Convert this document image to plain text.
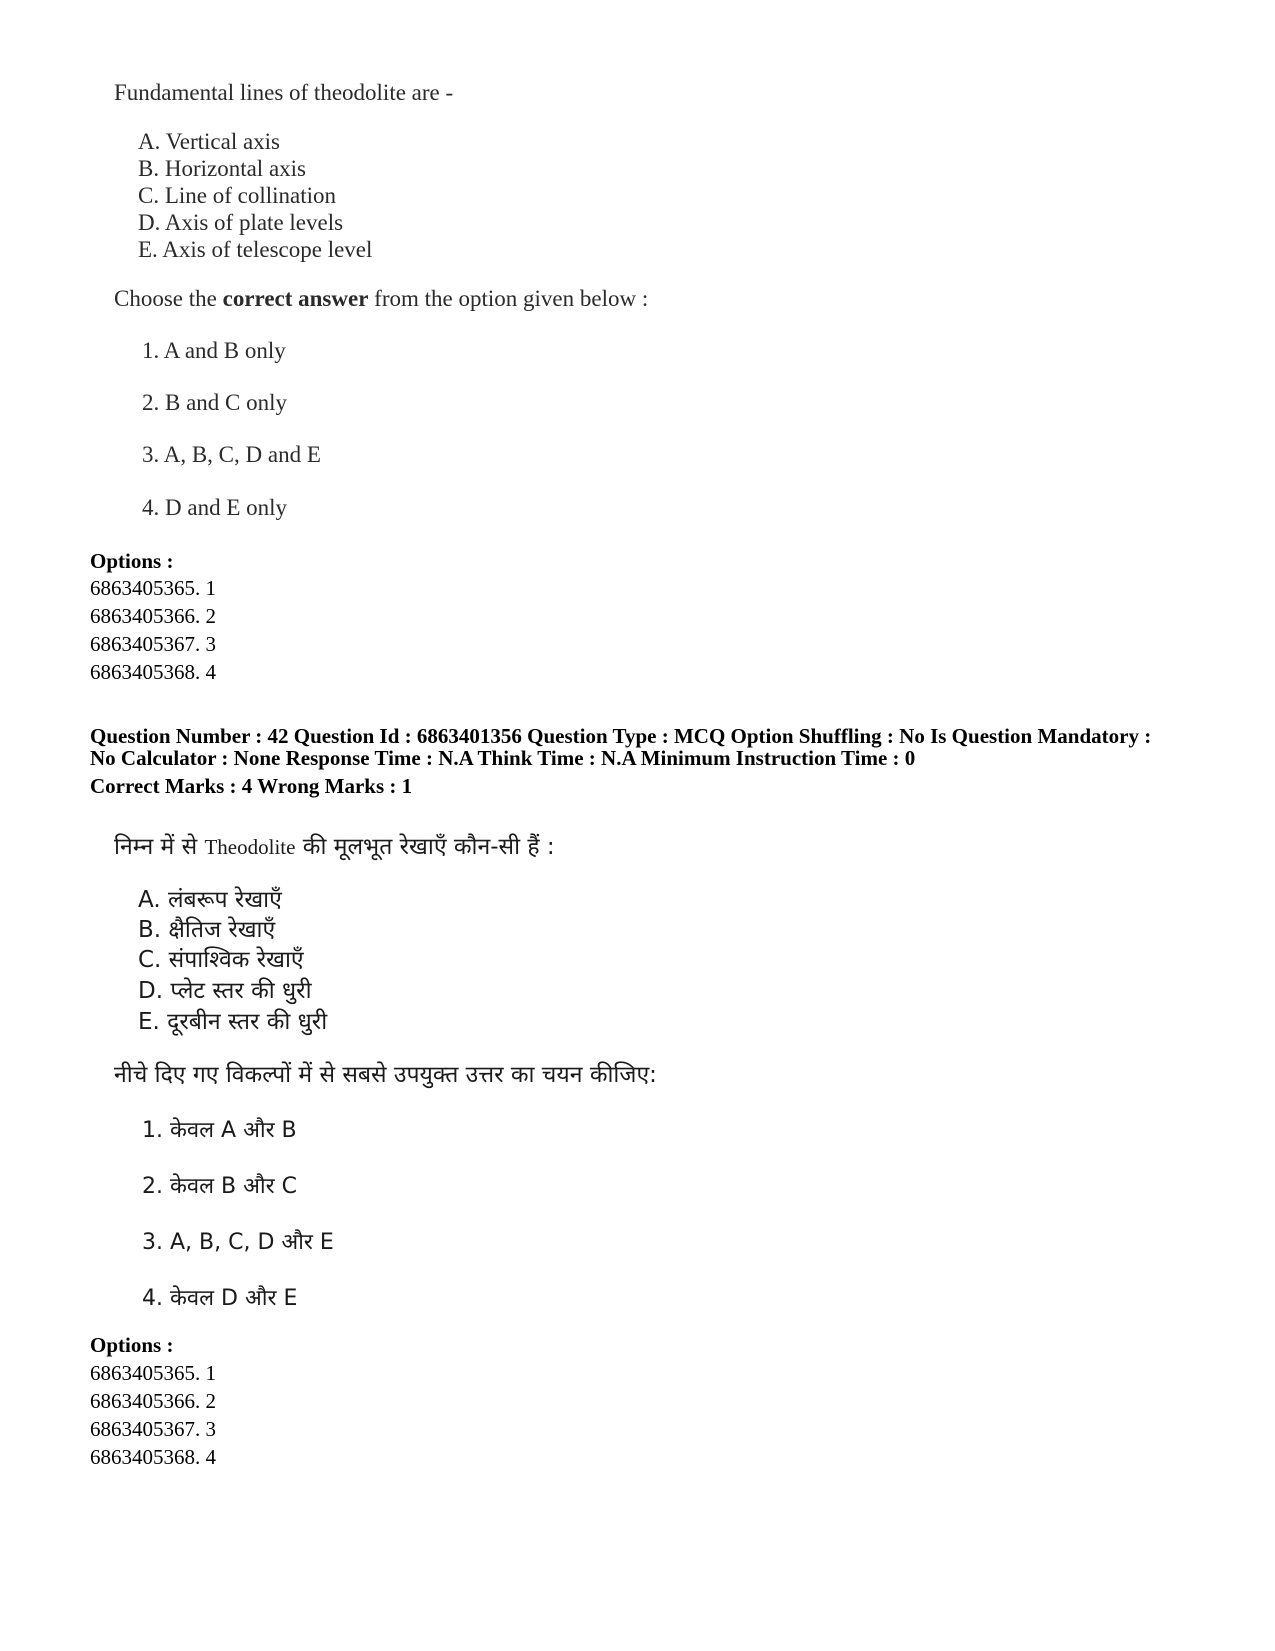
Fundamental lines of theodolite are -
A. Vertical axis
B. Horizontal axis
C. Line of collination
D. Axis of plate levels
E. Axis of telescope level
Choose the correct answer from the option given below :
1. A and B only
2. B and C only
3. A, B, C, D and E
4. D and E only
Options :
6863405365. 1
6863405366. 2
6863405367. 3
6863405368. 4
Question Number : 42 Question Id : 6863401356 Question Type : MCQ Option Shuffling : No Is Question Mandatory :
No Calculator : None Response Time : N.A Think Time : N.A Minimum Instruction Time : 0
Correct Marks : 4 Wrong Marks : 1
निम्न में से Theodolite की मूलभूत रेखाएँ कौन-सी हैं :
A. लंबरूप रेखाएँ
B. क्षैतिज रेखाएँ
C. संपाश्विक रेखाएँ
D. प्लेट स्तर की धुरी
E. दूरबीन स्तर की धुरी
नीचे दिए गए विकल्पों में से सबसे उपयुक्त उत्तर का चयन कीजिए:
1. केवल A और B
2. केवल B और C
3. A, B, C, D और E
4. केवल D और E
Options :
6863405365. 1
6863405366. 2
6863405367. 3
6863405368. 4
